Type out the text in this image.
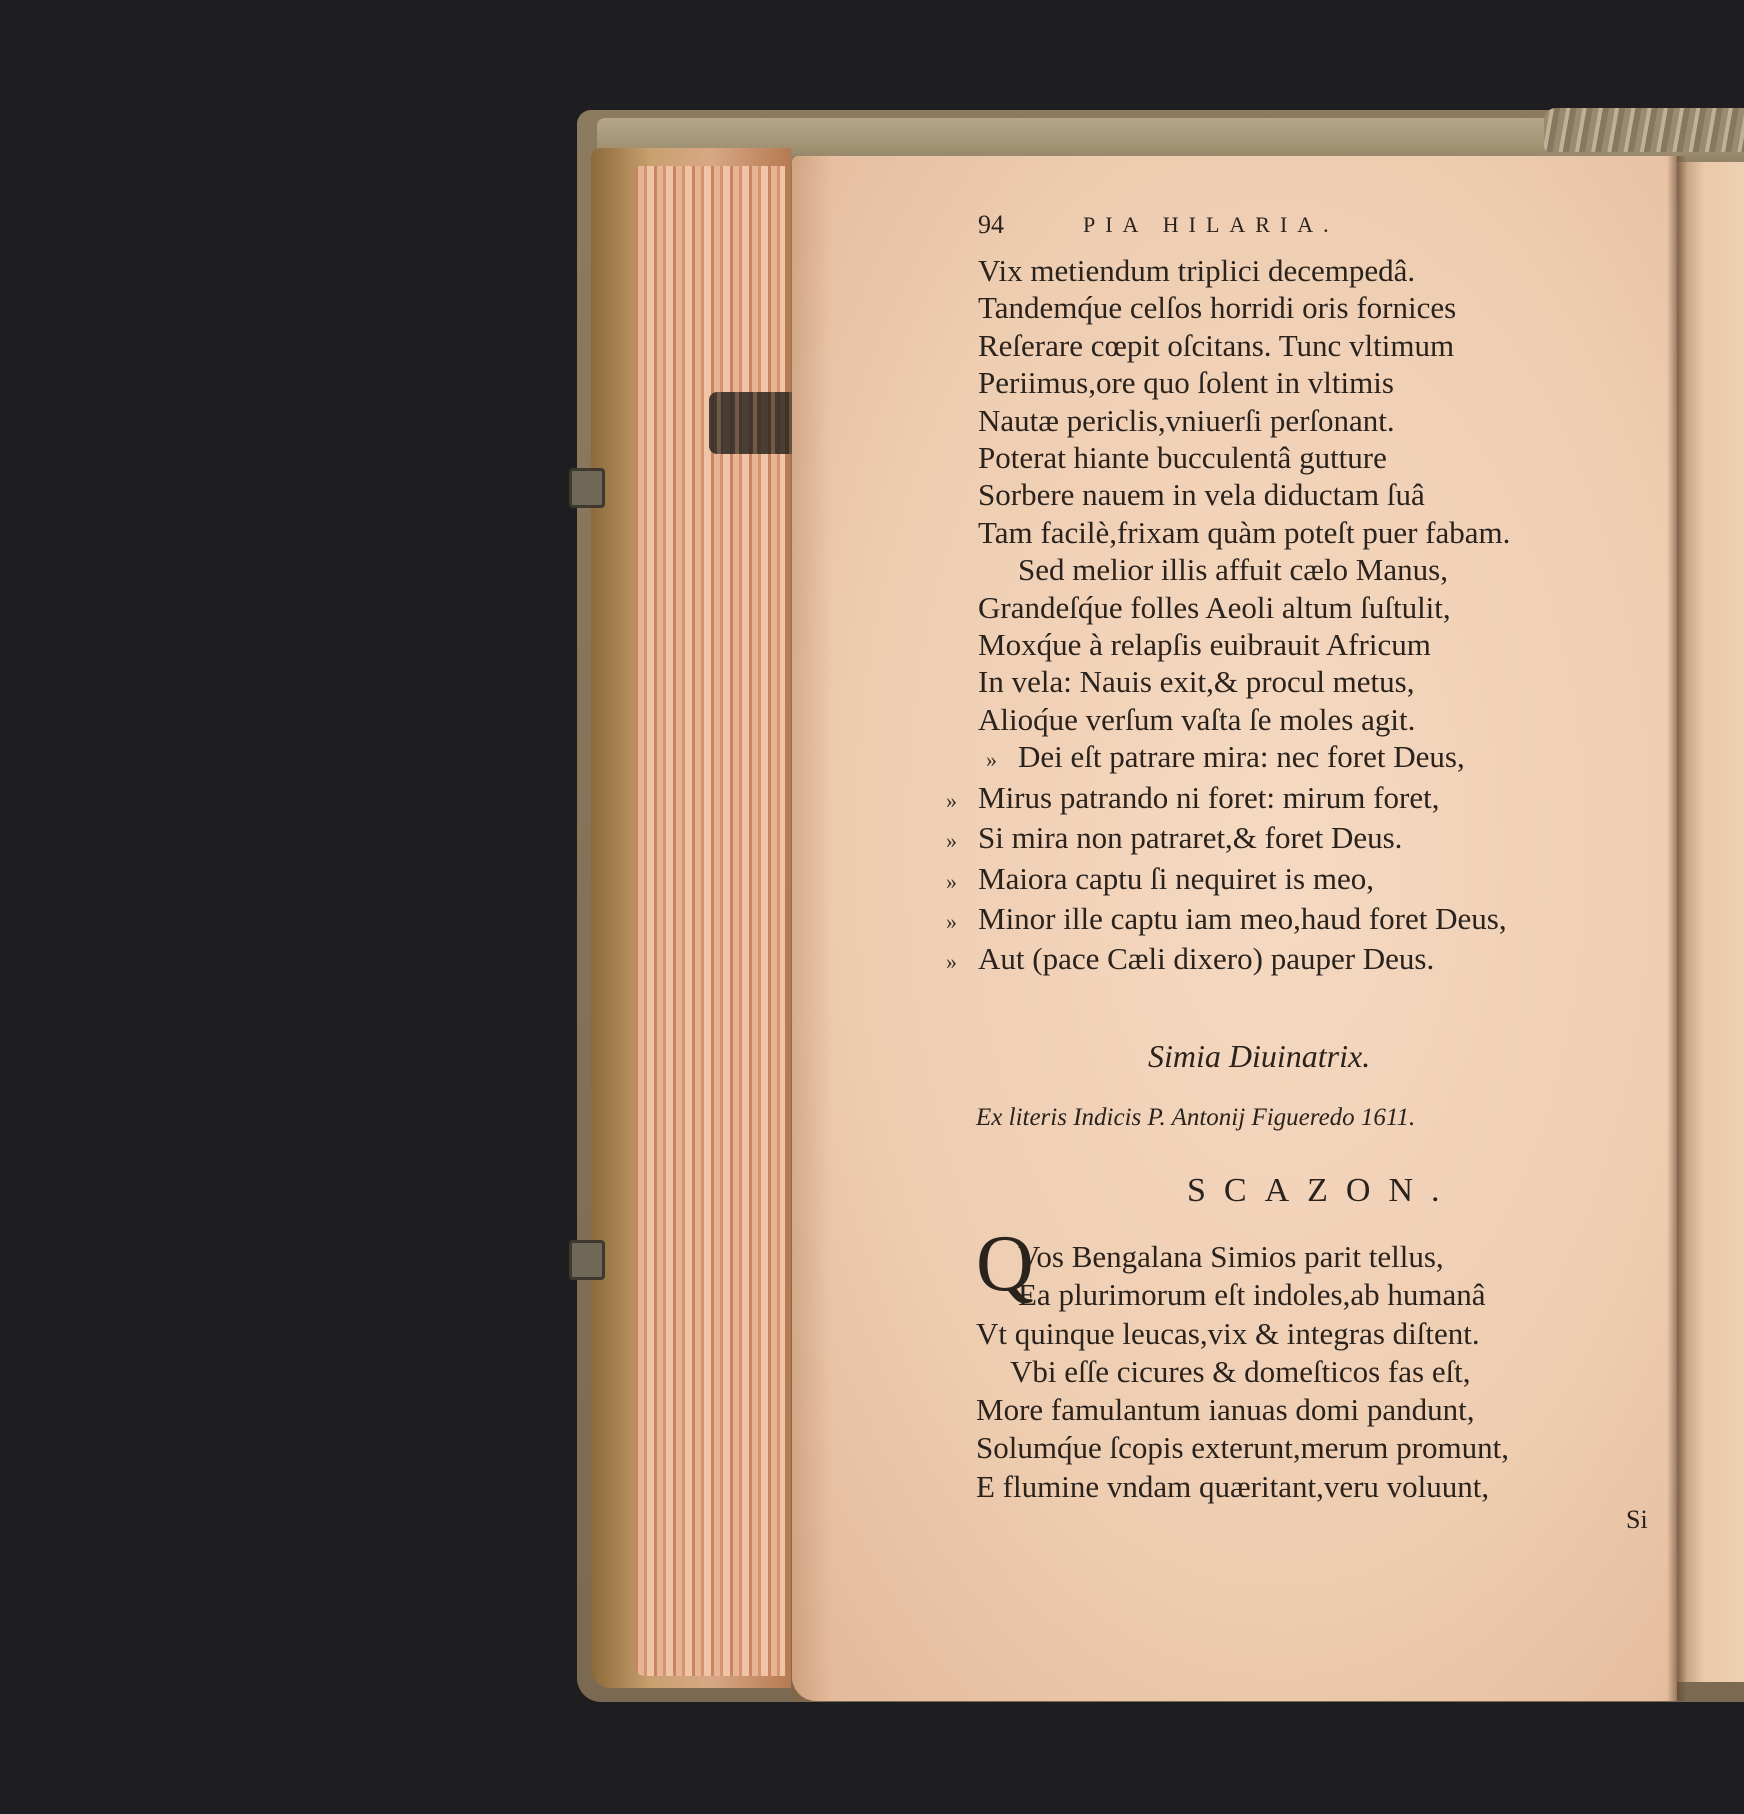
94	PIA HILARIA.
Vix metiendum triplici decempedâ.
Tandemq́ue celſos horridi oris fornices
Reſerare cœpit oſcitans. Tunc vltimum
Periimus,ore quo ſolent in vltimis
Nautæ periclis,vniuerſi perſonant.
Poterat hiante bucculentâ gutture
Sorbere nauem in vela diductam ſuâ
Tam facilè,frixam quàm poteſt puer fabam.
Sed melior illis affuit cælo Manus,
Grandeſq́ue folles Aeoli altum ſuſtulit,
Moxq́ue à relapſis euibrauit Africum
In vela: Nauis exit,& procul metus,
Alioq́ue verſum vaſta ſe moles agit.
» Dei eſt patrare mira: nec foret Deus,
» Mirus patrando ni foret: mirum foret,
» Si mira non patraret,& foret Deus.
» Maiora captu ſi nequiret is meo,
» Minor ille captu iam meo,haud foret Deus,
» Aut (pace Cæli dixero) pauper Deus.
Simia Diuinatrix.
Ex literis Indicis P. Antonij Figueredo 1611.
SCAZON.
Q
Vos Bengalana Simios parit tellus,
Ea plurimorum eſt indoles,ab humanâ
Vt quinque leucas,vix & integras diſtent.
Vbi eſſe cicures & domeſticos fas eſt,
More famulantum ianuas domi pandunt,
Solumq́ue ſcopis exterunt,merum promunt,
E flumine vndam quæritant,veru voluunt,
Si
